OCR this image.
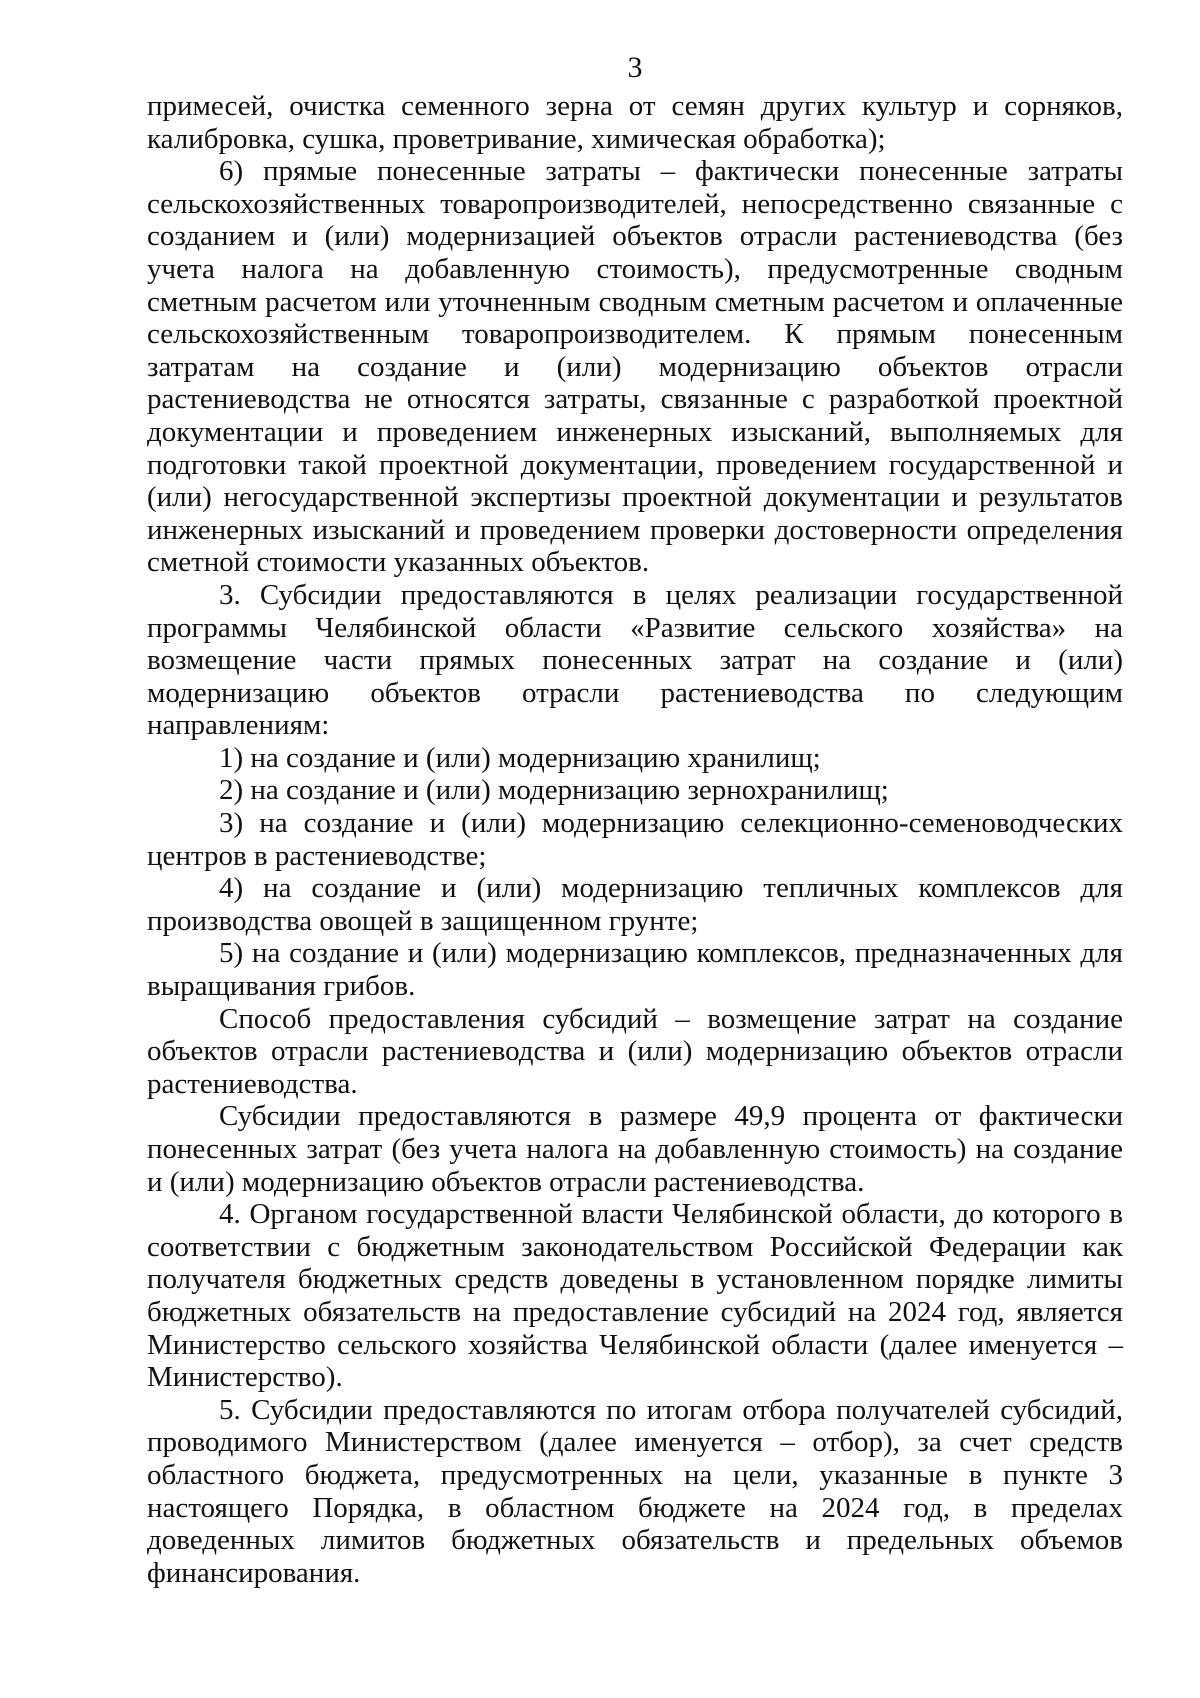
3

примесей, очистка семенного зерна от семян других культур и сорняков, калибровка, сушка, проветривание, химическая обработка);

6) прямые понесенные затраты – фактически понесенные затраты сельскохозяйственных товаропроизводителей, непосредственно связанные с созданием и (или) модернизацией объектов отрасли растениеводства (без учета налога на добавленную стоимость), предусмотренные сводным сметным расчетом или уточненным сводным сметным расчетом и оплаченные сельскохозяйственным товаропроизводителем. К прямым понесенным затратам на создание и (или) модернизацию объектов отрасли растениеводства не относятся затраты, связанные с разработкой проектной документации и проведением инженерных изысканий, выполняемых для подготовки такой проектной документации, проведением государственной и (или) негосударственной экспертизы проектной документации и результатов инженерных изысканий и проведением проверки достоверности определения сметной стоимости указанных объектов.

3. Субсидии предоставляются в целях реализации государственной программы Челябинской области «Развитие сельского хозяйства» на возмещение части прямых понесенных затрат на создание и (или) модернизацию объектов отрасли растениеводства по следующим направлениям:

1) на создание и (или) модернизацию хранилищ;

2) на создание и (или) модернизацию зернохранилищ;

3) на создание и (или) модернизацию селекционно-семеноводческих центров в растениеводстве;

4) на создание и (или) модернизацию тепличных комплексов для производства овощей в защищенном грунте;

5) на создание и (или) модернизацию комплексов, предназначенных для выращивания грибов.

Способ предоставления субсидий – возмещение затрат на создание объектов отрасли растениеводства и (или) модернизацию объектов отрасли растениеводства.

Субсидии предоставляются в размере 49,9 процента от фактически понесенных затрат (без учета налога на добавленную стоимость) на создание и (или) модернизацию объектов отрасли растениеводства.

4. Органом государственной власти Челябинской области, до которого в соответствии с бюджетным законодательством Российской Федерации как получателя бюджетных средств доведены в установленном порядке лимиты бюджетных обязательств на предоставление субсидий на 2024 год, является Министерство сельского хозяйства Челябинской области (далее именуется – Министерство).

5. Субсидии предоставляются по итогам отбора получателей субсидий, проводимого Министерством (далее именуется – отбор), за счет средств областного бюджета, предусмотренных на цели, указанные в пункте 3 настоящего Порядка, в областном бюджете на 2024 год, в пределах доведенных лимитов бюджетных обязательств и предельных объемов финансирования.
